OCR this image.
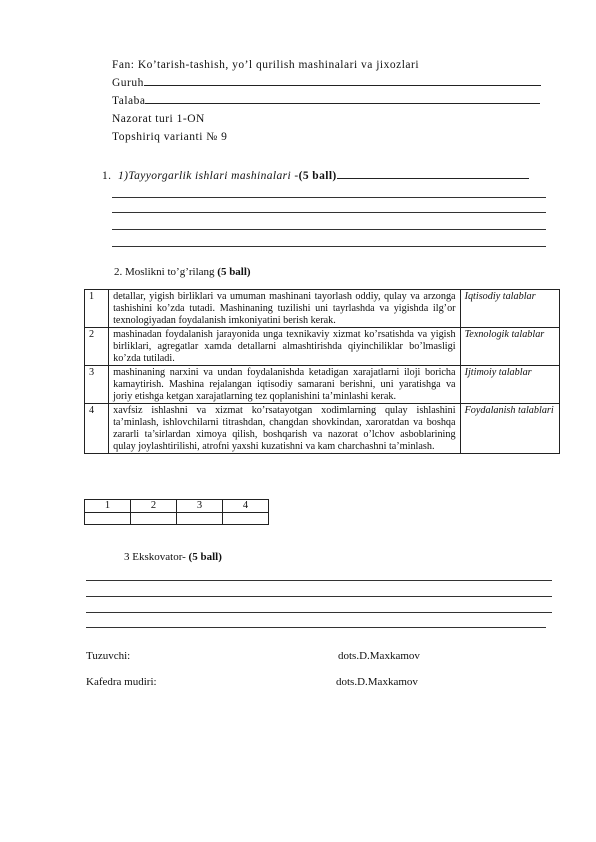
Fan: Ko’tarish-tashish, yo’l qurilish mashinalari va jixozlari
Guruh
Talaba
Nazorat turi 1-ON
Topshiriq varianti № 9
1. 1)Tayyorgarlik ishlari mashinalari -(5 ball)
2. Moslikni to’g’rilang (5 ball)
1	detallar, yigish birliklari va umuman mashinani tayorlash oddiy, qulay va arzonga tashishini ko’zda tutadi. Mashinaning tuzilishi uni tayrlashda va yigishda ilg’or texnologiyadan foydalanish imkoniyatini berish kerak.	Iqtisodiy talablar
2	mashinadan foydalanish jarayonida unga texnikaviy xizmat ko’rsatishda va yigish birliklari, agregatlar xamda detallarni almashtirishda qiyinchiliklar bo’lmasligi ko’zda tutiladi.	Texnologik talablar
3	mashinaning narxini va undan foydalanishda ketadigan xarajatlarni iloji boricha kamaytirish. Mashina rejalangan iqtisodiy samarani berishni, uni yaratishga va joriy etishga ketgan xarajatlarning tez qoplanishini ta’minlashi kerak.	Ijtimoiy talablar
4	xavfsiz ishlashni va xizmat ko’rsatayotgan xodimlarning qulay ishlashini ta’minlash, ishlovchilarni titrashdan, changdan shovkindan, xaroratdan va boshqa zararli ta’sirlardan ximoya qilish, boshqarish va nazorat o’lchov asboblarining qulay joylashtirilishi, atrofni yaxshi kuzatishni va kam charchashni ta’minlash.	Foydalanish talablari
1	2	3	4

3 Ekskovator- (5 ball)
Tuzuvchi:	dots.D.Maxkamov
Kafedra mudiri:	dots.D.Maxkamov
